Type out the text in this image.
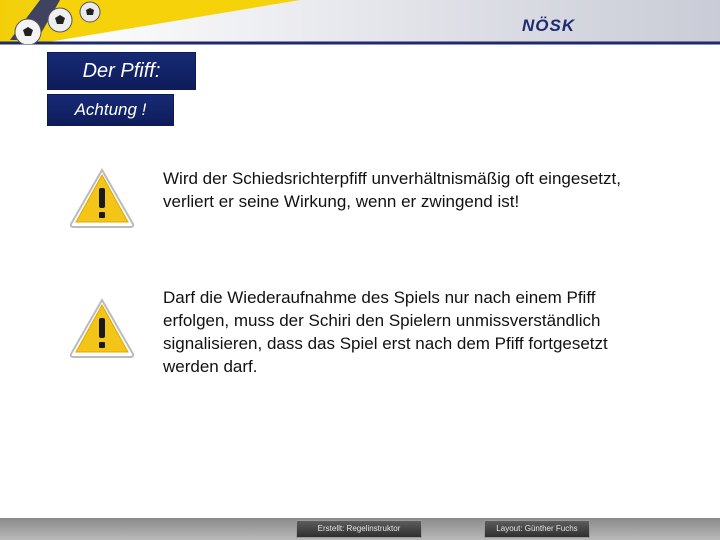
NÖSK
Der Pfiff:
Achtung !
Wird der Schiedsrichterpfiff unverhältnismäßig oft eingesetzt, verliert er seine Wirkung, wenn er zwingend ist!
Darf die Wiederaufnahme des Spiels nur nach einem Pfiff erfolgen, muss der Schiri den Spielern unmissverständlich signalisieren, dass das Spiel erst nach dem Pfiff fortgesetzt werden darf.
Erstellt: Regelinstruktor	Layout: Günther Fuchs
